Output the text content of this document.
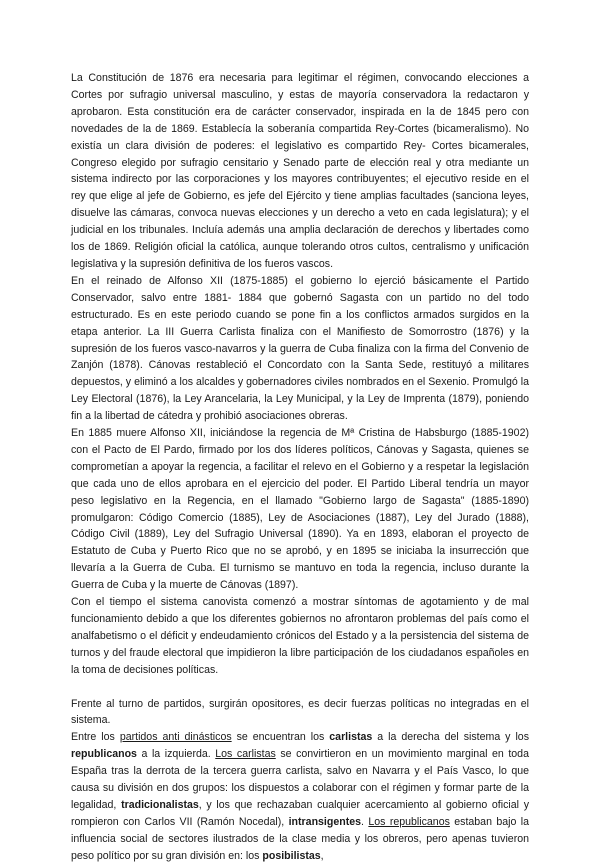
La Constitución de 1876 era necesaria para legitimar el régimen, convocando elecciones a Cortes por sufragio universal masculino, y estas de mayoría conservadora la redactaron y aprobaron. Esta constitución era de carácter conservador, inspirada en la de 1845 pero con novedades de la de 1869. Establecía la soberanía compartida Rey-Cortes (bicameralismo). No existía un clara división de poderes: el legislativo es compartido Rey- Cortes bicamerales, Congreso elegido por sufragio censitario y Senado parte de elección real y otra mediante un sistema indirecto por las corporaciones y los mayores contribuyentes; el ejecutivo reside en el rey que elige al jefe de Gobierno, es jefe del Ejército y tiene amplias facultades (sanciona leyes, disuelve las cámaras, convoca nuevas elecciones y un derecho a veto en cada legislatura); y el judicial en los tribunales. Incluía además una amplia declaración de derechos y libertades como los de 1869. Religión oficial la católica, aunque tolerando otros cultos, centralismo y unificación legislativa y la supresión definitiva de los fueros vascos.

En el reinado de Alfonso XII (1875-1885) el gobierno lo ejerció básicamente el Partido Conservador, salvo entre 1881- 1884 que gobernó Sagasta con un partido no del todo estructurado. Es en este periodo cuando se pone fin a los conflictos armados surgidos en la etapa anterior. La III Guerra Carlista finaliza con el Manifiesto de Somorrostro (1876) y la supresión de los fueros vasco-navarros y la guerra de Cuba finaliza con la firma del Convenio de Zanjón (1878). Cánovas restableció el Concordato con la Santa Sede, restituyó a militares depuestos, y eliminó a los alcaldes y gobernadores civiles nombrados en el Sexenio. Promulgó la Ley Electoral (1876), la Ley Arancelaria, la Ley Municipal, y la Ley de Imprenta (1879), poniendo fin a la libertad de cátedra y prohibió asociaciones obreras.

En 1885 muere Alfonso XII, iniciándose la regencia de Mª Cristina de Habsburgo (1885-1902) con el Pacto de El Pardo, firmado por los dos líderes políticos, Cánovas y Sagasta, quienes se comprometían a apoyar la regencia, a facilitar el relevo en el Gobierno y a respetar la legislación que cada uno de ellos aprobara en el ejercicio del poder. El Partido Liberal tendría un mayor peso legislativo en la Regencia, en el llamado "Gobierno largo de Sagasta" (1885-1890) promulgaron: Código Comercio (1885), Ley de Asociaciones (1887), Ley del Jurado (1888), Código Civil (1889), Ley del Sufragio Universal (1890). Ya en 1893, elaboran el proyecto de Estatuto de Cuba y Puerto Rico que no se aprobó, y en 1895 se iniciaba la insurrección que llevaría a la Guerra de Cuba. El turnismo se mantuvo en toda la regencia, incluso durante la Guerra de Cuba y la muerte de Cánovas (1897).

Con el tiempo el sistema canovista comenzó a mostrar síntomas de agotamiento y de mal funcionamiento debido a que los diferentes gobiernos no afrontaron problemas del país como el analfabetismo o el déficit y endeudamiento crónicos del Estado y a la persistencia del sistema de turnos y del fraude electoral que impidieron la libre participación de los ciudadanos españoles en la toma de decisiones políticas.

Frente al turno de partidos, surgirán opositores, es decir fuerzas políticas no integradas en el sistema.

Entre los partidos anti dinásticos se encuentran los carlistas a la derecha del sistema y los republicanos a la izquierda. Los carlistas se convirtieron en un movimiento marginal en toda España tras la derrota de la tercera guerra carlista, salvo en Navarra y el País Vasco, lo que causa su división en dos grupos: los dispuestos a colaborar con el régimen y formar parte de la legalidad, tradicionalistas, y los que rechazaban cualquier acercamiento al gobierno oficial y rompieron con Carlos VII (Ramón Nocedal), intransigentes. Los republicanos estaban bajo la influencia social de sectores ilustrados de la clase media y los obreros, pero apenas tuvieron peso político por su gran división en: los posibilistas,
